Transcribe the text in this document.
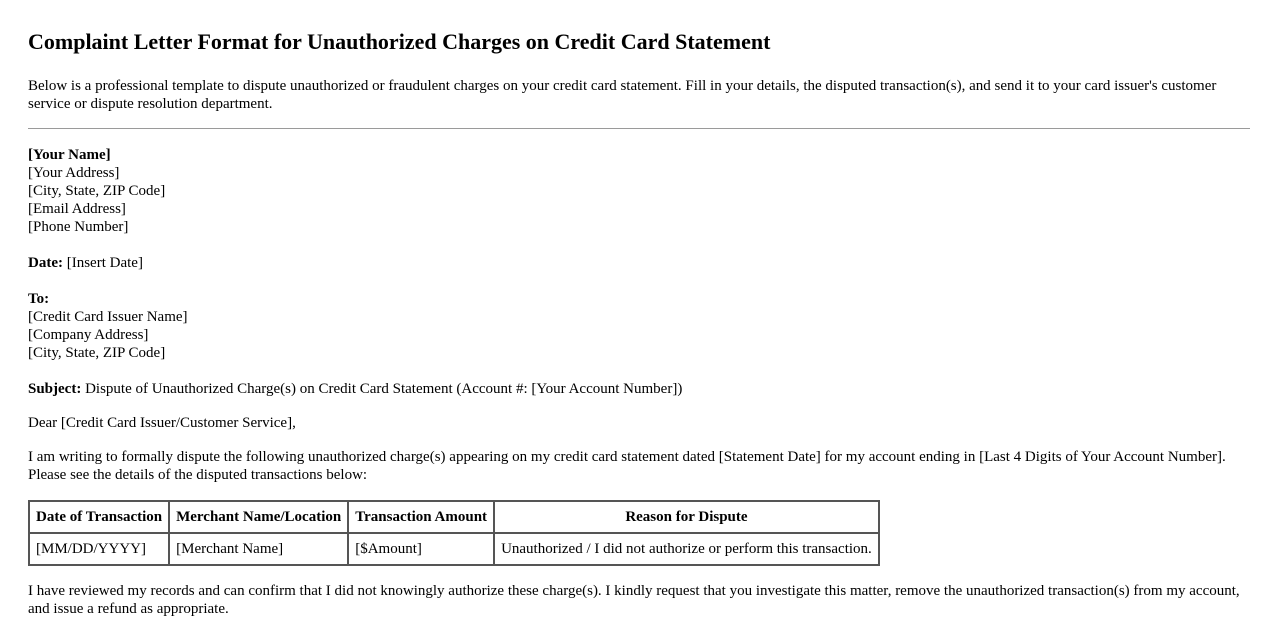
Complaint Letter Format for Unauthorized Charges on Credit Card Statement

Below is a professional template to dispute unauthorized or fraudulent charges on your credit card statement. Fill in your details, the disputed transaction(s), and send it to your card issuer's customer service or dispute resolution department.

[Your Name]
[Your Address]
[City, State, ZIP Code]
[Email Address]
[Phone Number]
Date: [Insert Date]
To:
[Credit Card Issuer Name]
[Company Address]
[City, State, ZIP Code]
Subject: Dispute of Unauthorized Charge(s) on Credit Card Statement (Account #: [Your Account Number])
Dear [Credit Card Issuer/Customer Service],
I am writing to formally dispute the following unauthorized charge(s) appearing on my credit card statement dated [Statement Date] for my account ending in [Last 4 Digits of Your Account Number]. Please see the details of the disputed transactions below:
Date of Transaction	Merchant Name/Location	Transaction Amount	Reason for Dispute
[MM/DD/YYYY]	[Merchant Name]	[$Amount]	Unauthorized / I did not authorize or perform this transaction.
I have reviewed my records and can confirm that I did not knowingly authorize these charge(s). I kindly request that you investigate this matter, remove the unauthorized transaction(s) from my account, and issue a refund as appropriate.
